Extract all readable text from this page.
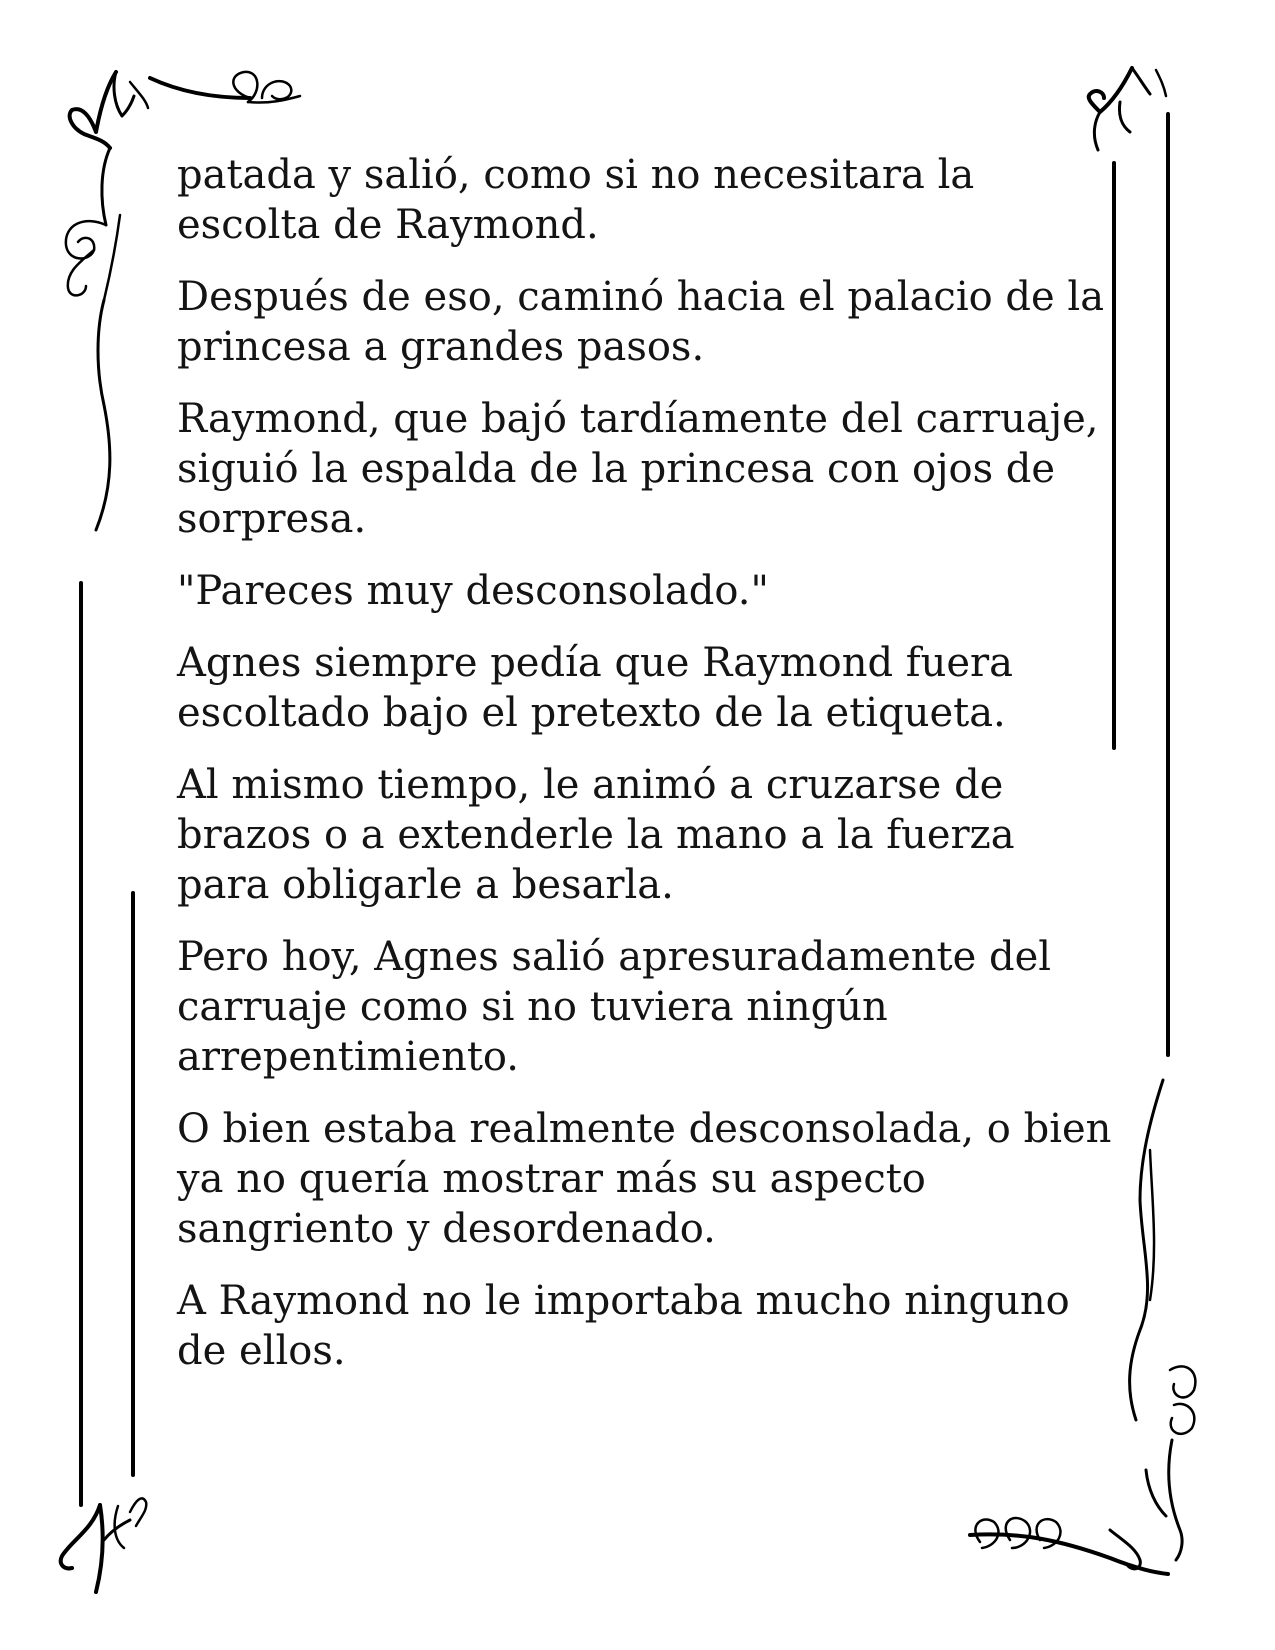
patada y salió, como si no necesitara la escolta de Raymond.

Después de eso, caminó hacia el palacio de la princesa a grandes pasos.

Raymond, que bajó tardíamente del carruaje, siguió la espalda de la princesa con ojos de sorpresa.

"Pareces muy desconsolado."

Agnes siempre pedía que Raymond fuera escoltado bajo el pretexto de la etiqueta.

Al mismo tiempo, le animó a cruzarse de brazos o a extenderle la mano a la fuerza para obligarle a besarla.

Pero hoy, Agnes salió apresuradamente del carruaje como si no tuviera ningún arrepentimiento.

O bien estaba realmente desconsolada, o bien ya no quería mostrar más su aspecto sangriento y desordenado.

A Raymond no le importaba mucho ninguno de ellos.
